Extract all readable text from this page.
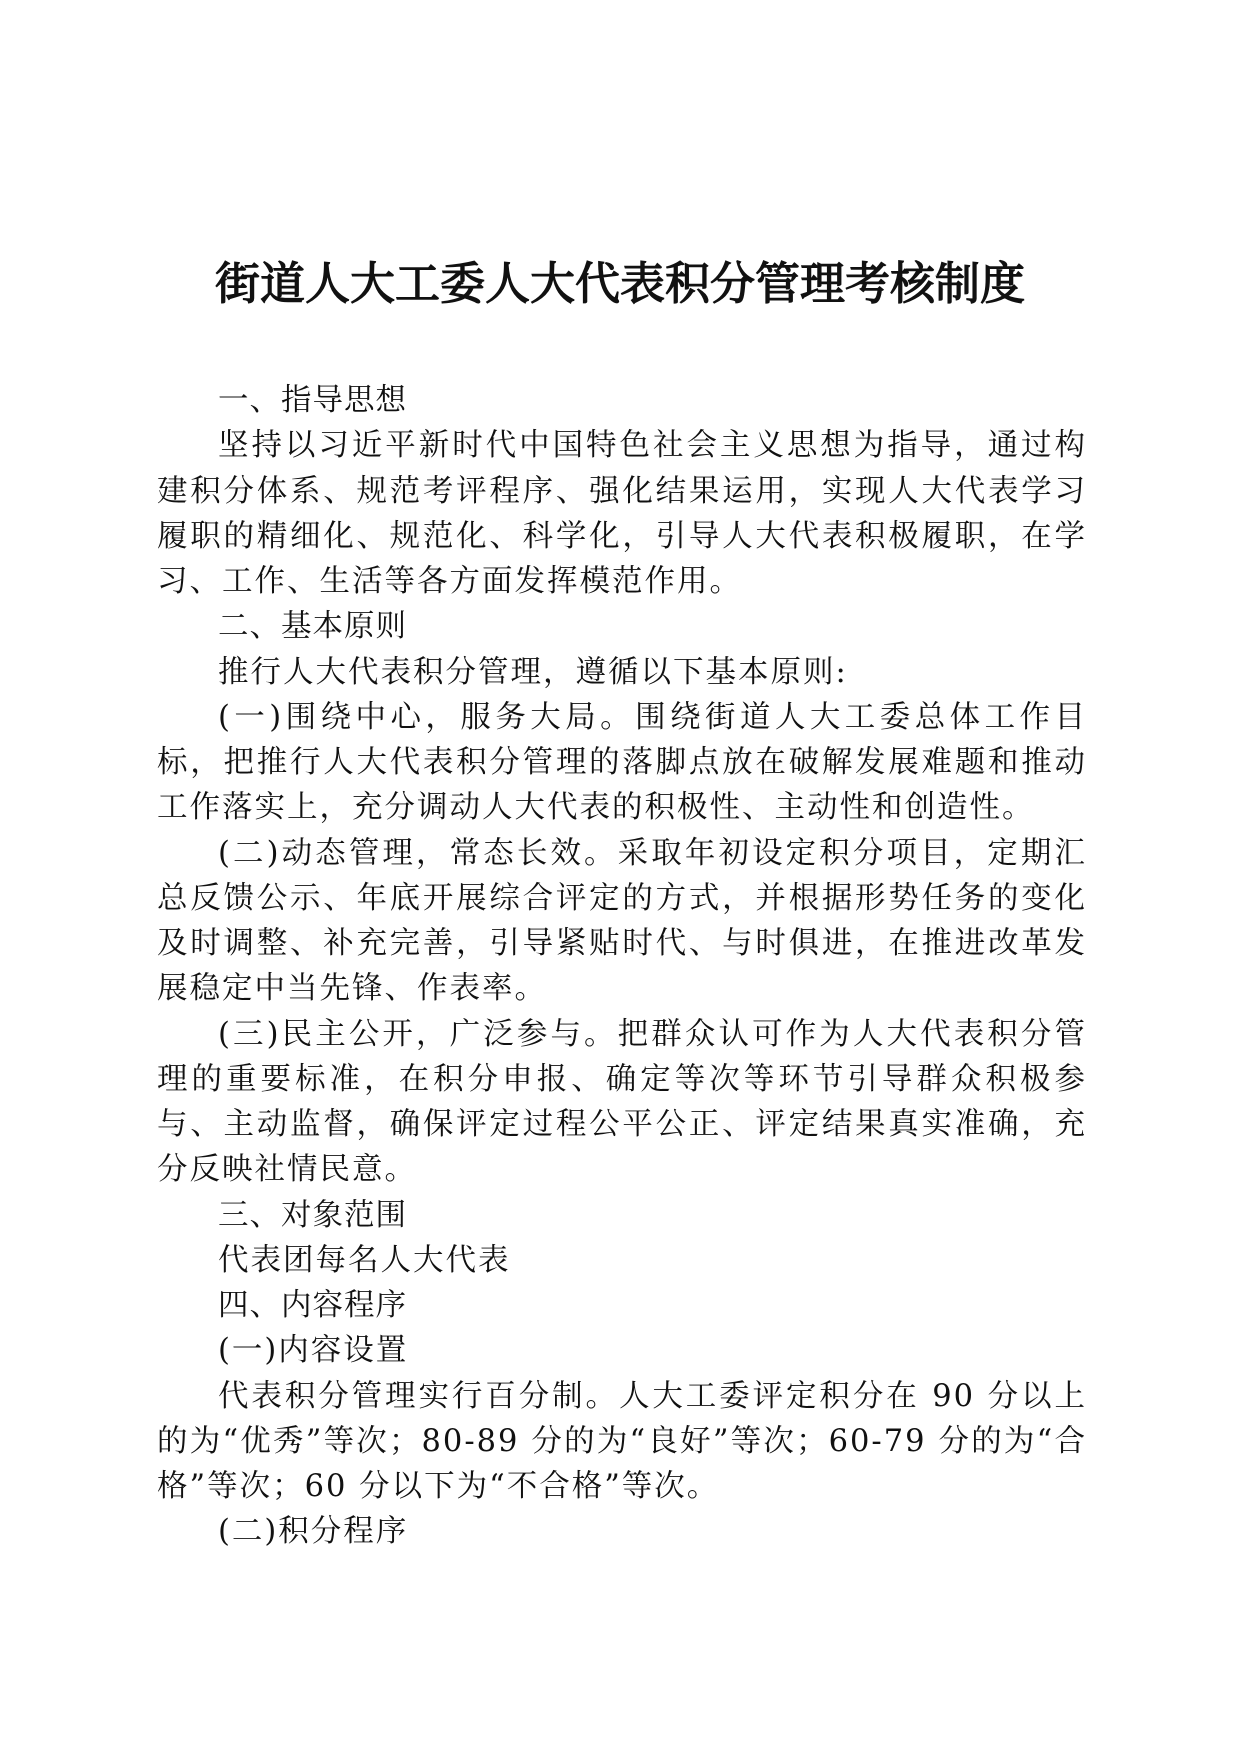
街道人大工委人大代表积分管理考核制度

一、指导思想

坚持以习近平新时代中国特色社会主义思想为指导，通过构建积分体系、规范考评程序、强化结果运用，实现人大代表学习履职的精细化、规范化、科学化，引导人大代表积极履职，在学习、工作、生活等各方面发挥模范作用。

二、基本原则

推行人大代表积分管理，遵循以下基本原则:

(一)围绕中心，服务大局。围绕街道人大工委总体工作目标，把推行人大代表积分管理的落脚点放在破解发展难题和推动工作落实上，充分调动人大代表的积极性、主动性和创造性。

(二)动态管理，常态长效。采取年初设定积分项目，定期汇总反馈公示、年底开展综合评定的方式，并根据形势任务的变化及时调整、补充完善，引导紧贴时代、与时俱进，在推进改革发展稳定中当先锋、作表率。

(三)民主公开，广泛参与。把群众认可作为人大代表积分管理的重要标准，在积分申报、确定等次等环节引导群众积极参与、主动监督，确保评定过程公平公正、评定结果真实准确，充分反映社情民意。

三、对象范围

代表团每名人大代表

四、内容程序

(一)内容设置

代表积分管理实行百分制。人大工委评定积分在 90 分以上的为“优秀”等次；80-89 分的为“良好”等次；60-79 分的为“合格”等次；60 分以下为“不合格”等次。

(二)积分程序
